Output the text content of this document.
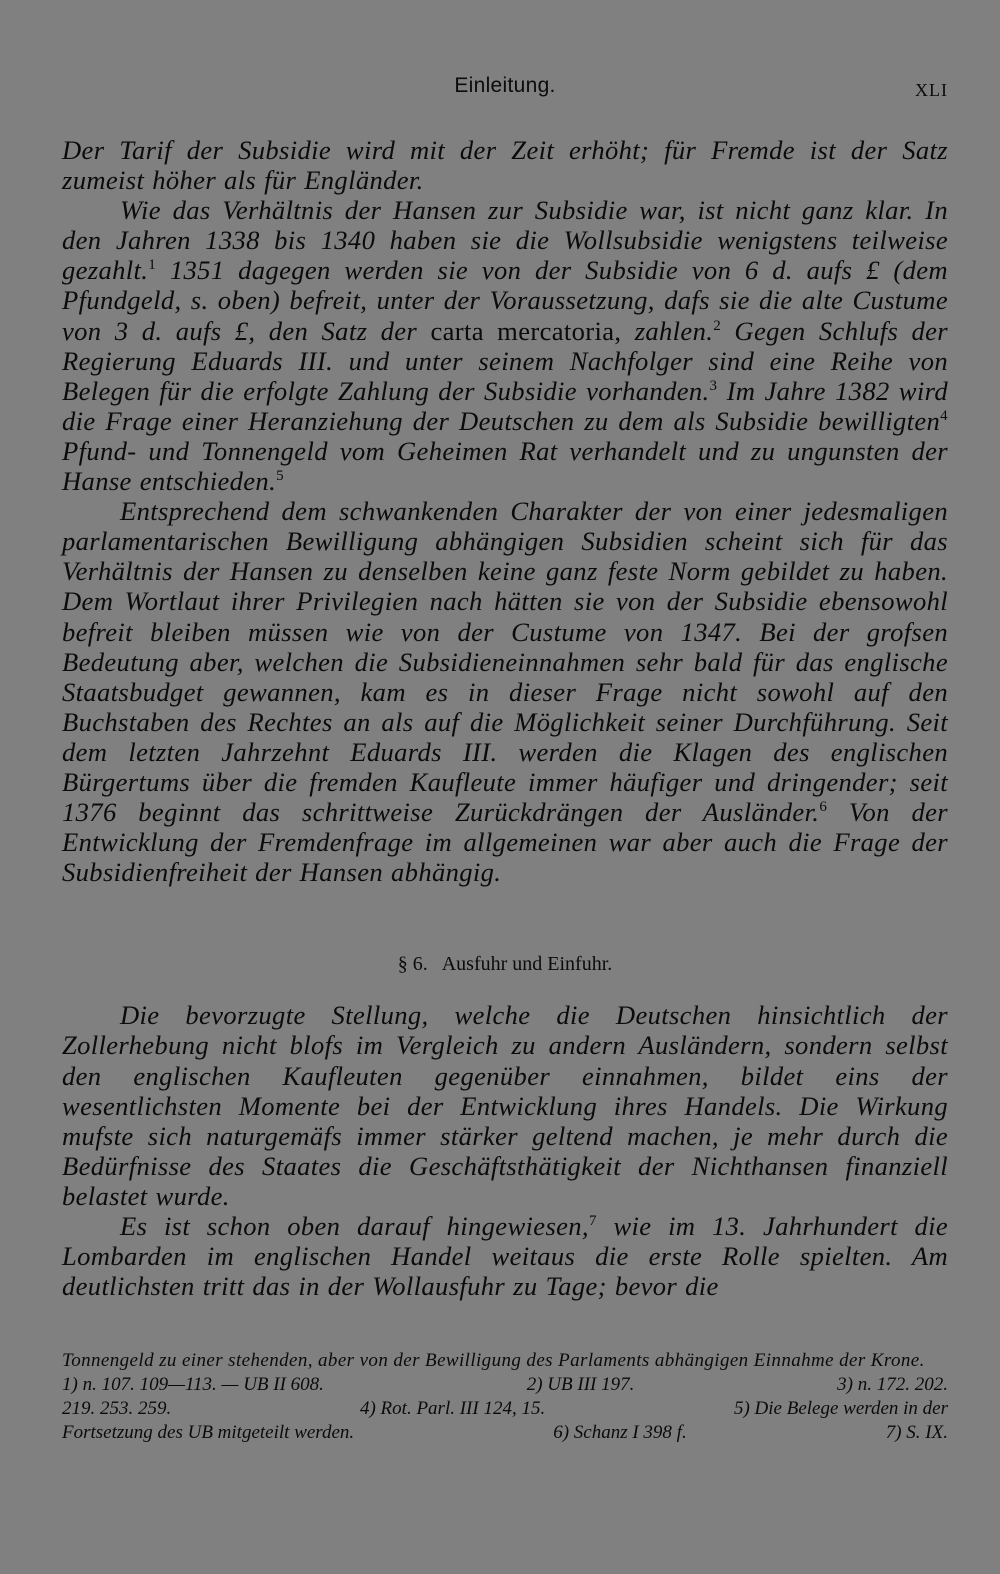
Einleitung.	XLI

Der Tarif der Subsidie wird mit der Zeit erhöht; für Fremde ist der Satz zumeist höher als für Engländer.

Wie das Verhältnis der Hansen zur Subsidie war, ist nicht ganz klar. In den Jahren 1338 bis 1340 haben sie die Wollsubsidie wenigstens teilweise gezahlt.$^1$ 1351 dagegen werden sie von der Subsidie von 6 d. aufs £ (dem Pfundgeld, s. oben) befreit, unter der Voraussetzung, dafs sie die alte Custume von 3 d. aufs £, den Satz der carta mercatoria, zahlen.$^2$ Gegen Schlufs der Regierung Eduards III. und unter seinem Nachfolger sind eine Reihe von Belegen für die erfolgte Zahlung der Subsidie vorhanden.$^3$ Im Jahre 1382 wird die Frage einer Heranziehung der Deutschen zu dem als Subsidie bewilligten$^4$ Pfund- und Tonnengeld vom Geheimen Rat verhandelt und zu ungunsten der Hanse entschieden.$^5$

Entsprechend dem schwankenden Charakter der von einer jedesmaligen parlamentarischen Bewilligung abhängigen Subsidien scheint sich für das Verhältnis der Hansen zu denselben keine ganz feste Norm gebildet zu haben. Dem Wortlaut ihrer Privilegien nach hätten sie von der Subsidie ebensowohl befreit bleiben müssen wie von der Custume von 1347. Bei der grofsen Bedeutung aber, welchen die Subsidieneinnahmen sehr bald für das englische Staatsbudget gewannen, kam es in dieser Frage nicht sowohl auf den Buchstaben des Rechtes an als auf die Möglichkeit seiner Durchführung. Seit dem letzten Jahrzehnt Eduards III. werden die Klagen des englischen Bürgertums über die fremden Kaufleute immer häufiger und dringender; seit 1376 beginnt das schrittweise Zurückdrängen der Ausländer.$^6$ Von der Entwicklung der Fremdenfrage im allgemeinen war aber auch die Frage der Subsidienfreiheit der Hansen abhängig.

§ 6. Ausfuhr und Einfuhr.

Die bevorzugte Stellung, welche die Deutschen hinsichtlich der Zollerhebung nicht blofs im Vergleich zu andern Ausländern, sondern selbst den englischen Kaufleuten gegenüber einnahmen, bildet eins der wesentlichsten Momente bei der Entwicklung ihres Handels. Die Wirkung mufste sich naturgemäfs immer stärker geltend machen, je mehr durch die Bedürfnisse des Staates die Geschäftsthätigkeit der Nichthansen finanziell belastet wurde.

Es ist schon oben darauf hingewiesen,$^7$ wie im 13. Jahrhundert die Lombarden im englischen Handel weitaus die erste Rolle spielten. Am deutlichsten tritt das in der Wollausfuhr zu Tage; bevor die

Tonnengeld zu einer stehenden, aber von der Bewilligung des Parlaments abhängigen Einnahme der Krone.

1) n. 107. 109—113. — UB II 608.	2) UB III 197.	3) n. 172. 202.
219. 253. 259.	4) Rot. Parl. III 124, 15.	5) Die Belege werden in der
Fortsetzung des UB mitgeteilt werden.	6) Schanz I 398 f.	7) S. IX.
